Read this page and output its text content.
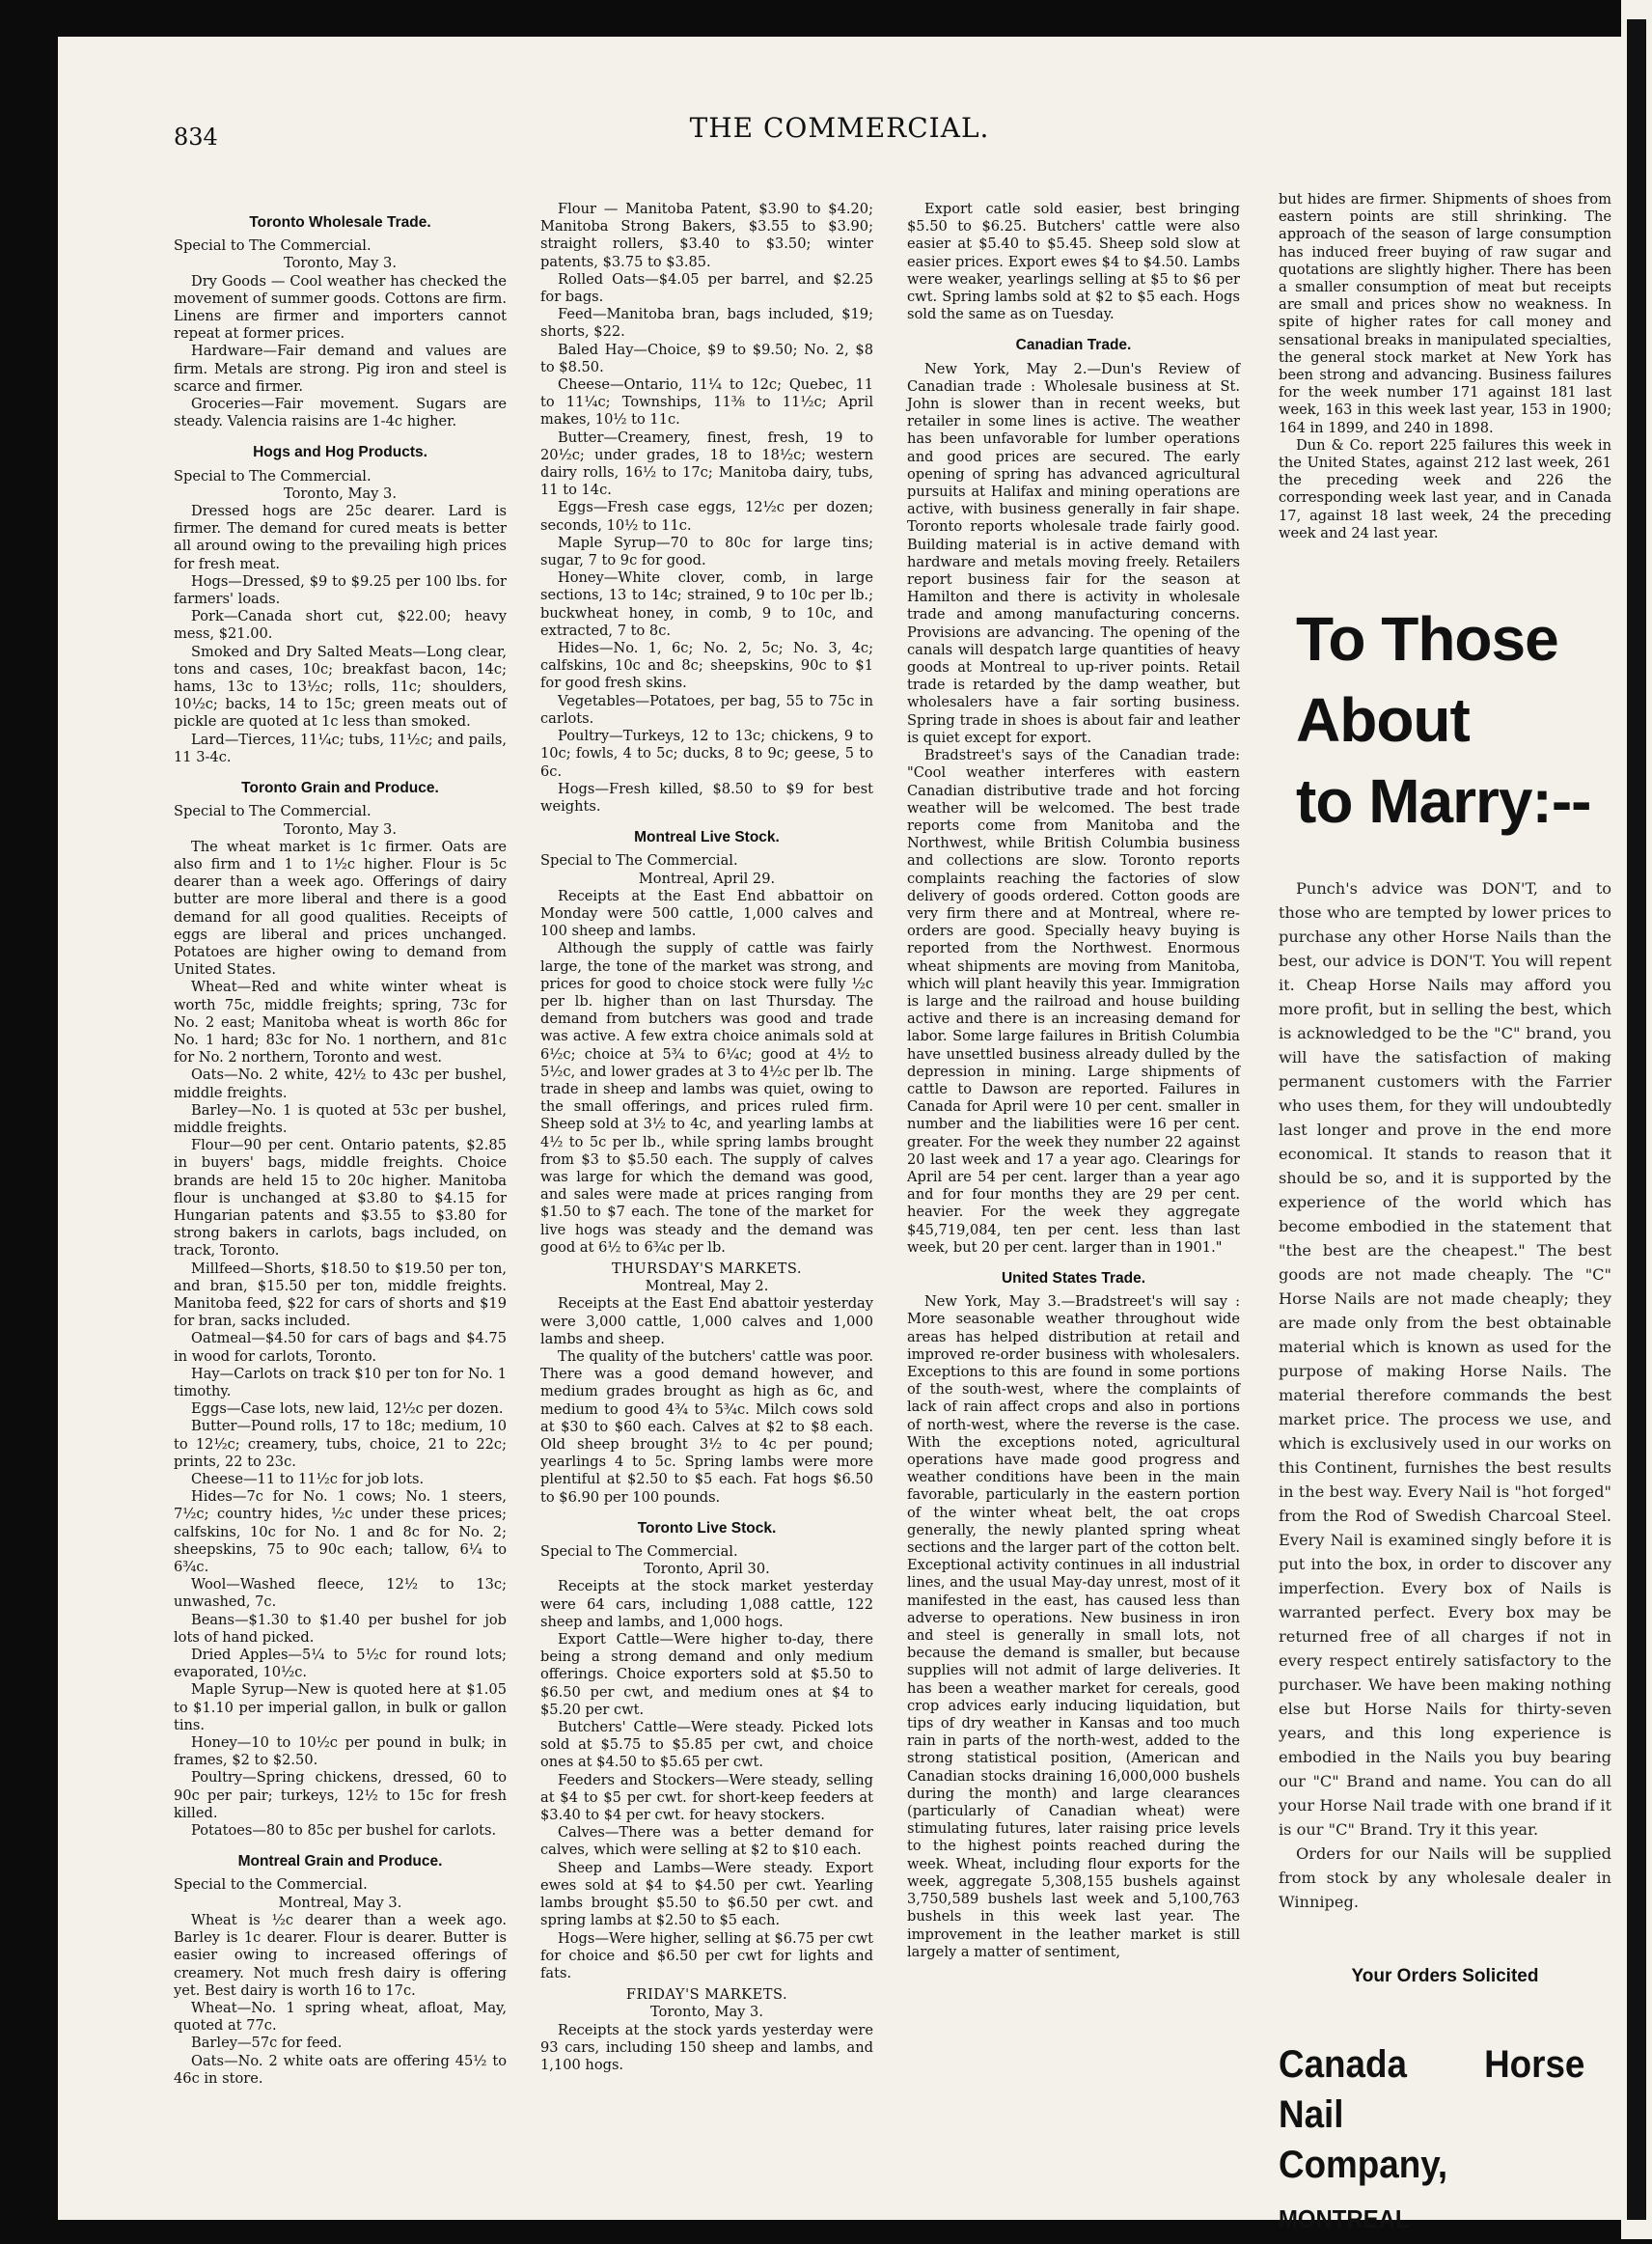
834	THE COMMERCIAL.
Toronto Wholesale Trade.

Special to The Commercial.

Toronto, May 3.

Dry Goods — Cool weather has checked the movement of summer goods. Cottons are firm. Linens are firmer and importers cannot repeat at former prices.

Hardware—Fair demand and values are firm. Metals are strong. Pig iron and steel is scarce and firmer.

Groceries—Fair movement. Sugars are steady. Valencia raisins are 1-4c higher.

Hogs and Hog Products.

Special to The Commercial.

Toronto, May 3.

Dressed hogs are 25c dearer. Lard is firmer. The demand for cured meats is better all around owing to the prevailing high prices for fresh meat.

Hogs—Dressed, $9 to $9.25 per 100 lbs. for farmers' loads.

Pork—Canada short cut, $22.00; heavy mess, $21.00.

Smoked and Dry Salted Meats—Long clear, tons and cases, 10c; breakfast bacon, 14c; hams, 13c to 13½c; rolls, 11c; shoulders, 10½c; backs, 14 to 15c; green meats out of pickle are quoted at 1c less than smoked.

Lard—Tierces, 11¼c; tubs, 11½c; and pails, 11 3-4c.

Toronto Grain and Produce.

Special to The Commercial.

Toronto, May 3.

The wheat market is 1c firmer. Oats are also firm and 1 to 1½c higher. Flour is 5c dearer than a week ago. Offerings of dairy butter are more liberal and there is a good demand for all good qualities. Receipts of eggs are liberal and prices unchanged. Potatoes are higher owing to demand from United States.

Wheat—Red and white winter wheat is worth 75c, middle freights; spring, 73c for No. 2 east; Manitoba wheat is worth 86c for No. 1 hard; 83c for No. 1 northern, and 81c for No. 2 northern, Toronto and west.

Oats—No. 2 white, 42½ to 43c per bushel, middle freights.

Barley—No. 1 is quoted at 53c per bushel, middle freights.

Flour—90 per cent. Ontario patents, $2.85 in buyers' bags, middle freights. Choice brands are held 15 to 20c higher. Manitoba flour is unchanged at $3.80 to $4.15 for Hungarian patents and $3.55 to $3.80 for strong bakers in carlots, bags included, on track, Toronto.

Millfeed—Shorts, $18.50 to $19.50 per ton, and bran, $15.50 per ton, middle freights. Manitoba feed, $22 for cars of shorts and $19 for bran, sacks included.

Oatmeal—$4.50 for cars of bags and $4.75 in wood for carlots, Toronto.

Hay—Carlots on track $10 per ton for No. 1 timothy.

Eggs—Case lots, new laid, 12½c per dozen.

Butter—Pound rolls, 17 to 18c; medium, 10 to 12½c; creamery, tubs, choice, 21 to 22c; prints, 22 to 23c.

Cheese—11 to 11½c for job lots.

Hides—7c for No. 1 cows; No. 1 steers, 7½c; country hides, ½c under these prices; calfskins, 10c for No. 1 and 8c for No. 2; sheepskins, 75 to 90c each; tallow, 6¼ to 6¾c.

Wool—Washed fleece, 12½ to 13c; unwashed, 7c.

Beans—$1.30 to $1.40 per bushel for job lots of hand picked.

Dried Apples—5¼ to 5½c for round lots; evaporated, 10½c.

Maple Syrup—New is quoted here at $1.05 to $1.10 per imperial gallon, in bulk or gallon tins.

Honey—10 to 10½c per pound in bulk; in frames, $2 to $2.50.

Poultry—Spring chickens, dressed, 60 to 90c per pair; turkeys, 12½ to 15c for fresh killed.

Potatoes—80 to 85c per bushel for carlots.

Montreal Grain and Produce.

Special to the Commercial.

Montreal, May 3.

Wheat is ½c dearer than a week ago. Barley is 1c dearer. Flour is dearer. Butter is easier owing to increased offerings of creamery. Not much fresh dairy is offering yet. Best dairy is worth 16 to 17c.

Wheat—No. 1 spring wheat, afloat, May, quoted at 77c.

Barley—57c for feed.

Oats—No. 2 white oats are offering 45½ to 46c in store.

Flour — Manitoba Patent, $3.90 to $4.20; Manitoba Strong Bakers, $3.55 to $3.90; straight rollers, $3.40 to $3.50; winter patents, $3.75 to $3.85.

Rolled Oats—$4.05 per barrel, and $2.25 for bags.

Feed—Manitoba bran, bags included, $19; shorts, $22.

Baled Hay—Choice, $9 to $9.50; No. 2, $8 to $8.50.

Cheese—Ontario, 11¼ to 12c; Quebec, 11 to 11¼c; Townships, 11⅜ to 11½c; April makes, 10½ to 11c.

Butter—Creamery, finest, fresh, 19 to 20½c; under grades, 18 to 18½c; western dairy rolls, 16½ to 17c; Manitoba dairy, tubs, 11 to 14c.

Eggs—Fresh case eggs, 12½c per dozen; seconds, 10½ to 11c.

Maple Syrup—70 to 80c for large tins; sugar, 7 to 9c for good.

Honey—White clover, comb, in large sections, 13 to 14c; strained, 9 to 10c per lb.; buckwheat honey, in comb, 9 to 10c, and extracted, 7 to 8c.

Hides—No. 1, 6c; No. 2, 5c; No. 3, 4c; calfskins, 10c and 8c; sheepskins, 90c to $1 for good fresh skins.

Vegetables—Potatoes, per bag, 55 to 75c in carlots.

Poultry—Turkeys, 12 to 13c; chickens, 9 to 10c; fowls, 4 to 5c; ducks, 8 to 9c; geese, 5 to 6c.

Hogs—Fresh killed, $8.50 to $9 for best weights.

Montreal Live Stock.

Special to The Commercial.

Montreal, April 29.

Receipts at the East End abbattoir on Monday were 500 cattle, 1,000 calves and 100 sheep and lambs.

Although the supply of cattle was fairly large, the tone of the market was strong, and prices for good to choice stock were fully ½c per lb. higher than on last Thursday. The demand from butchers was good and trade was active. A few extra choice animals sold at 6½c; choice at 5¾ to 6¼c; good at 4½ to 5½c, and lower grades at 3 to 4½c per lb. The trade in sheep and lambs was quiet, owing to the small offerings, and prices ruled firm. Sheep sold at 3½ to 4c, and yearling lambs at 4½ to 5c per lb., while spring lambs brought from $3 to $5.50 each. The supply of calves was large for which the demand was good, and sales were made at prices ranging from $1.50 to $7 each. The tone of the market for live hogs was steady and the demand was good at 6½ to 6¾c per lb.

THURSDAY'S MARKETS.

Montreal, May 2.

Receipts at the East End abattoir yesterday were 3,000 cattle, 1,000 calves and 1,000 lambs and sheep.

The quality of the butchers' cattle was poor. There was a good demand however, and medium grades brought as high as 6c, and medium to good 4¾ to 5¾c. Milch cows sold at $30 to $60 each. Calves at $2 to $8 each. Old sheep brought 3½ to 4c per pound; yearlings 4 to 5c. Spring lambs were more plentiful at $2.50 to $5 each. Fat hogs $6.50 to $6.90 per 100 pounds.

Toronto Live Stock.

Special to The Commercial.

Toronto, April 30.

Receipts at the stock market yesterday were 64 cars, including 1,088 cattle, 122 sheep and lambs, and 1,000 hogs.

Export Cattle—Were higher to-day, there being a strong demand and only medium offerings. Choice exporters sold at $5.50 to $6.50 per cwt, and medium ones at $4 to $5.20 per cwt.

Butchers' Cattle—Were steady. Picked lots sold at $5.75 to $5.85 per cwt, and choice ones at $4.50 to $5.65 per cwt.

Feeders and Stockers—Were steady, selling at $4 to $5 per cwt. for short-keep feeders at $3.40 to $4 per cwt. for heavy stockers.

Calves—There was a better demand for calves, which were selling at $2 to $10 each.

Sheep and Lambs—Were steady. Export ewes sold at $4 to $4.50 per cwt. Yearling lambs brought $5.50 to $6.50 per cwt. and spring lambs at $2.50 to $5 each.

Hogs—Were higher, selling at $6.75 per cwt for choice and $6.50 per cwt for lights and fats.

FRIDAY'S MARKETS.

Toronto, May 3.

Receipts at the stock yards yesterday were 93 cars, including 150 sheep and lambs, and 1,100 hogs.

Export catle sold easier, best bringing $5.50 to $6.25. Butchers' cattle were also easier at $5.40 to $5.45. Sheep sold slow at easier prices. Export ewes $4 to $4.50. Lambs were weaker, yearlings selling at $5 to $6 per cwt. Spring lambs sold at $2 to $5 each. Hogs sold the same as on Tuesday.

Canadian Trade.

New York, May 2.—Dun's Review of Canadian trade : Wholesale business at St. John is slower than in recent weeks, but retailer in some lines is active. The weather has been unfavorable for lumber operations and good prices are secured. The early opening of spring has advanced agricultural pursuits at Halifax and mining operations are active, with business generally in fair shape. Toronto reports wholesale trade fairly good. Building material is in active demand with hardware and metals moving freely. Retailers report business fair for the season at Hamilton and there is activity in wholesale trade and among manufacturing concerns. Provisions are advancing. The opening of the canals will despatch large quantities of heavy goods at Montreal to up-river points. Retail trade is retarded by the damp weather, but wholesalers have a fair sorting business. Spring trade in shoes is about fair and leather is quiet except for export.

Bradstreet's says of the Canadian trade: "Cool weather interferes with eastern Canadian distributive trade and hot forcing weather will be welcomed. The best trade reports come from Manitoba and the Northwest, while British Columbia business and collections are slow. Toronto reports complaints reaching the factories of slow delivery of goods ordered. Cotton goods are very firm there and at Montreal, where re-orders are good. Specially heavy buying is reported from the Northwest. Enormous wheat shipments are moving from Manitoba, which will plant heavily this year. Immigration is large and the railroad and house building active and there is an increasing demand for labor. Some large failures in British Columbia have unsettled business already dulled by the depression in mining. Large shipments of cattle to Dawson are reported. Failures in Canada for April were 10 per cent. smaller in number and the liabilities were 16 per cent. greater. For the week they number 22 against 20 last week and 17 a year ago. Clearings for April are 54 per cent. larger than a year ago and for four months they are 29 per cent. heavier. For the week they aggregate $45,719,084, ten per cent. less than last week, but 20 per cent. larger than in 1901."

United States Trade.

New York, May 3.—Bradstreet's will say : More seasonable weather throughout wide areas has helped distribution at retail and improved re-order business with wholesalers. Exceptions to this are found in some portions of the south-west, where the complaints of lack of rain affect crops and also in portions of north-west, where the reverse is the case. With the exceptions noted, agricultural operations have made good progress and weather conditions have been in the main favorable, particularly in the eastern portion of the winter wheat belt, the oat crops generally, the newly planted spring wheat sections and the larger part of the cotton belt. Exceptional activity continues in all industrial lines, and the usual May-day unrest, most of it manifested in the east, has caused less than adverse to operations. New business in iron and steel is generally in small lots, not because the demand is smaller, but because supplies will not admit of large deliveries. It has been a weather market for cereals, good crop advices early inducing liquidation, but tips of dry weather in Kansas and too much rain in parts of the north-west, added to the strong statistical position, (American and Canadian stocks draining 16,000,000 bushels during the month) and large clearances (particularly of Canadian wheat) were stimulating futures, later raising price levels to the highest points reached during the week. Wheat, including flour exports for the week, aggregate 5,308,155 bushels against 3,750,589 bushels last week and 5,100,763 bushels in this week last year. The improvement in the leather market is still largely a matter of sentiment,

but hides are firmer. Shipments of shoes from eastern points are still shrinking. The approach of the season of large consumption has induced freer buying of raw sugar and quotations are slightly higher. There has been a smaller consumption of meat but receipts are small and prices show no weakness. In spite of higher rates for call money and sensational breaks in manipulated specialties, the general stock market at New York has been strong and advancing. Business failures for the week number 171 against 181 last week, 163 in this week last year, 153 in 1900; 164 in 1899, and 240 in 1898.

Dun & Co. report 225 failures this week in the United States, against 212 last week, 261 the preceding week and 226 the corresponding week last year, and in Canada 17, against 18 last week, 24 the preceding week and 24 last year.

To Those

About

to Marry:--

Punch's advice was DON'T, and to those who are tempted by lower prices to purchase any other Horse Nails than the best, our advice is DON'T. You will repent it. Cheap Horse Nails may afford you more profit, but in selling the best, which is acknowledged to be the "C" brand, you will have the satisfaction of making permanent customers with the Farrier who uses them, for they will undoubtedly last longer and prove in the end more economical. It stands to reason that it should be so, and it is supported by the experience of the world which has become embodied in the statement that "the best are the cheapest." The best goods are not made cheaply. The "C" Horse Nails are not made cheaply; they are made only from the best obtainable material which is known as used for the purpose of making Horse Nails. The material therefore commands the best market price. The process we use, and which is exclusively used in our works on this Continent, furnishes the best results in the best way. Every Nail is "hot forged" from the Rod of Swedish Charcoal Steel. Every Nail is examined singly before it is put into the box, in order to discover any imperfection. Every box of Nails is warranted perfect. Every box may be returned free of all charges if not in every respect entirely satisfactory to the purchaser. We have been making nothing else but Horse Nails for thirty-seven years, and this long experience is embodied in the Nails you buy bearing our "C" Brand and name. You can do all your Horse Nail trade with one brand if it is our "C" Brand. Try it this year.

Orders for our Nails will be supplied from stock by any wholesale dealer in Winnipeg.

Your Orders Solicited
Canada Horse Nail
Company, MONTREAL
